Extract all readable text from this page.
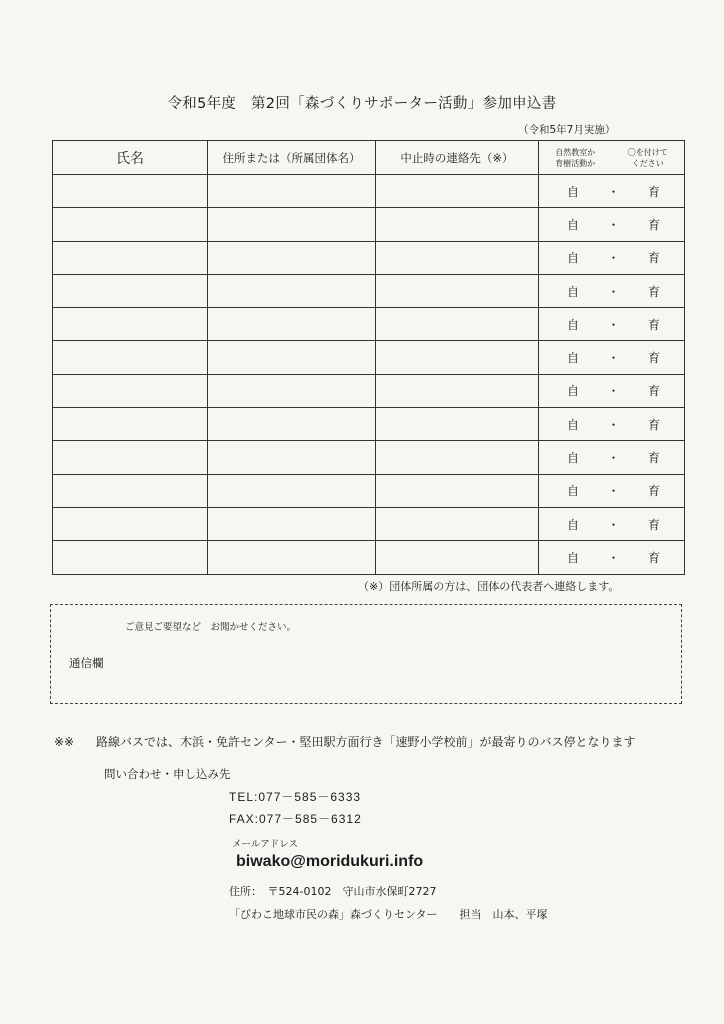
令和5年度　第2回「森づくりサポーター活動」参加申込書
（令和5年7月実施）
氏名	住所または（所属団体名）	中止時の連絡先（※）	自然教室か
育樹活動か
〇を付けて
ください

			自 ・ 育

			自 ・ 育

			自 ・ 育

			自 ・ 育

			自 ・ 育

			自 ・ 育

			自 ・ 育

			自 ・ 育

			自 ・ 育

			自 ・ 育

			自 ・ 育

			自 ・ 育
（※）団体所属の方は、団体の代表者へ連絡します。
ご意見ご要望など　お聞かせください。
通信欄
※※ 路線バスでは、木浜・免許センター・堅田駅方面行き「速野小学校前」が最寄りのバス停となります
問い合わせ・申し込み先
TEL:077－585－6333
FAX:077－585－6312
メールアドレス
biwako@moridukuri.info
住所：　〒524-0102　守山市水保町2727
「びわこ地球市民の森」森づくりセンター　　担当　山本、平塚
